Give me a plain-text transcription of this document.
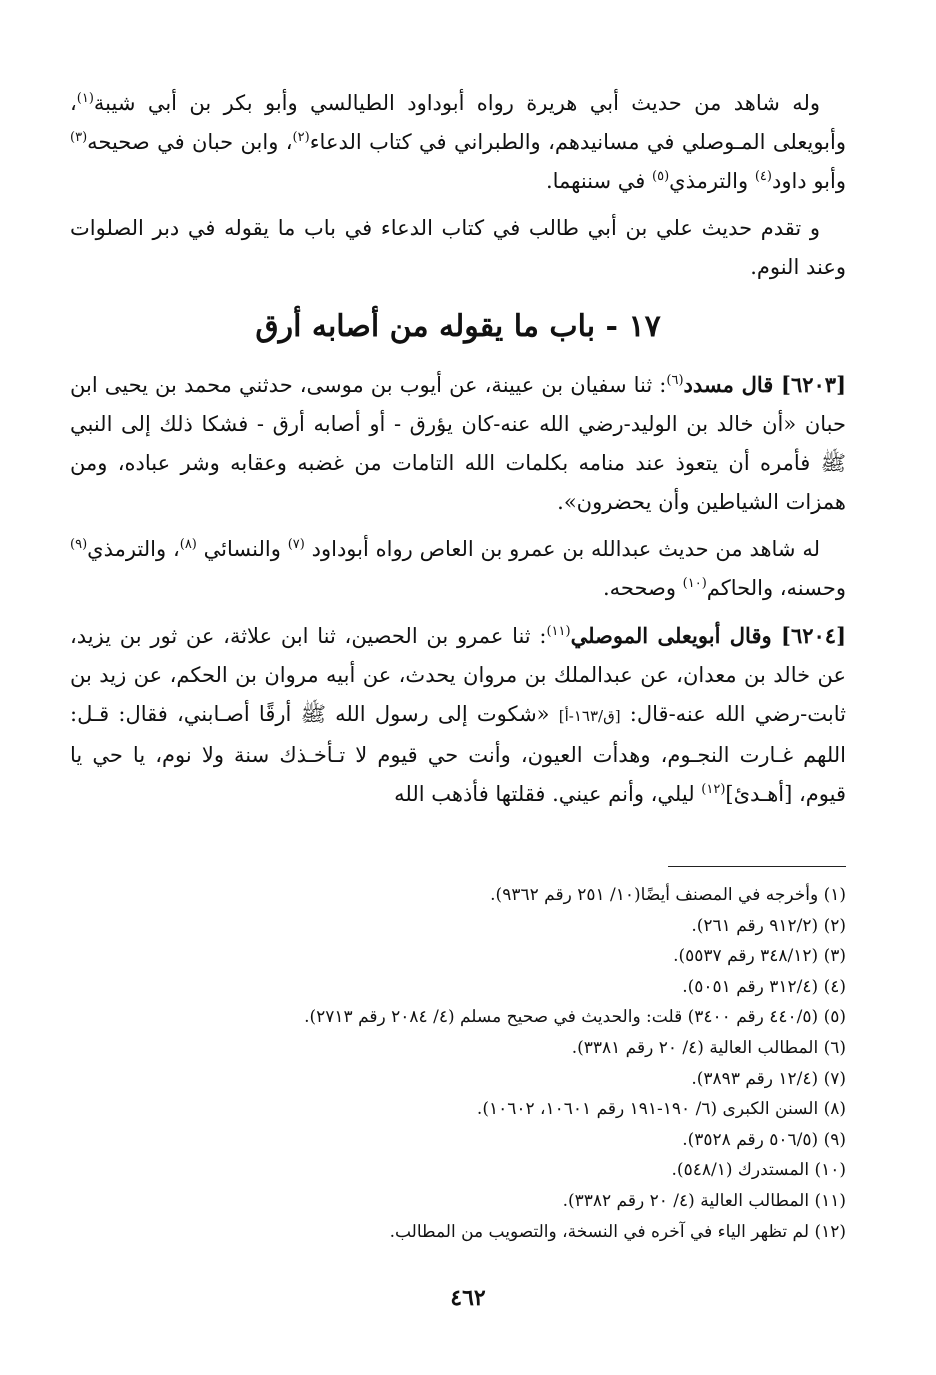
وله شاهد من حديث أبي هريرة رواه أبوداود الطيالسي وأبو بكر بن أبي شيبة$^{(١)}$، وأبويعلى المـوصلي في مسانيدهم، والطبراني في كتاب الدعاء$^{(٢)}$، وابن حبان في صحيحه$^{(٣)}$ وأبو داود$^{(٤)}$ والترمذي$^{(٥)}$ في سننهما.

و تقدم حديث علي بن أبي طالب في كتاب الدعاء في باب ما يقوله في دبر الصلوات وعند النوم.

١٧ - باب ما يقوله من أصابه أرق

[٦٢٠٣] قال مسدد$^{(٦)}$: ثنا سفيان بن عيينة، عن أيوب بن موسى، حدثني محمد بن يحيى ابن حبان «أن خالد بن الوليد-رضي الله عنه-كان يؤرق - أو أصابه أرق - فشكا ذلك إلى النبي ﷺ فأمره أن يتعوذ عند منامه بكلمات الله التامات من غضبه وعقابه وشر عباده، ومن همزات الشياطين وأن يحضرون».

له شاهد من حديث عبدالله بن عمرو بن العاص رواه أبوداود $^{(٧)}$ والنسائي $^{(٨)}$، والترمذي$^{(٩)}$ وحسنه، والحاكم$^{(١٠)}$ وصححه.

[٦٢٠٤] وقال أبويعلى الموصلي$^{(١١)}$: ثنا عمرو بن الحصين، ثنا ابن علاثة، عن ثور بن يزيد، عن خالد بن معدان، عن عبدالملك بن مروان يحدث، عن أبيه مروان بن الحكم، عن زيد بن ثابت-رضي الله عنه-قال: [ق/١٦٣-أ] «شكوت إلى رسول الله ﷺ أرقًا أصـابني، فقال: قـل: اللهم غـارت النجـوم، وهدأت العيون، وأنت حي قيوم لا تـأخـذك سنة ولا نوم، يا حي يا قيوم، [أهـدئ]$^{(١٢)}$ ليلي، وأنم عيني. فقلتها فأذهب الله

(١) وأخرجه في المصنف أيضًا(١٠/ ٢٥١ رقم ٩٣٦٢).
(٢) (٩١٢/٢ رقم ٢٦١).
(٣) (٣٤٨/١٢ رقم ٥٥٣٧).
(٤) (٣١٢/٤ رقم ٥٠٥١).
(٥) (٤٤٠/٥ رقم ٣٤٠٠) قلت: والحديث في صحيح مسلم (٤/ ٢٠٨٤ رقم ٢٧١٣).
(٦) المطالب العالية (٤/ ٢٠ رقم ٣٣٨١).
(٧) (١٢/٤ رقم ٣٨٩٣).
(٨) السنن الكبرى (٦/ ١٩٠-١٩١ رقم ١٠٦٠١، ١٠٦٠٢).
(٩) (٥٠٦/٥ رقم ٣٥٢٨).
(١٠) المستدرك (٥٤٨/١).
(١١) المطالب العالية (٤/ ٢٠ رقم ٣٣٨٢).
(١٢) لم تظهر الياء في آخره في النسخة، والتصويب من المطالب.
٤٦٢
